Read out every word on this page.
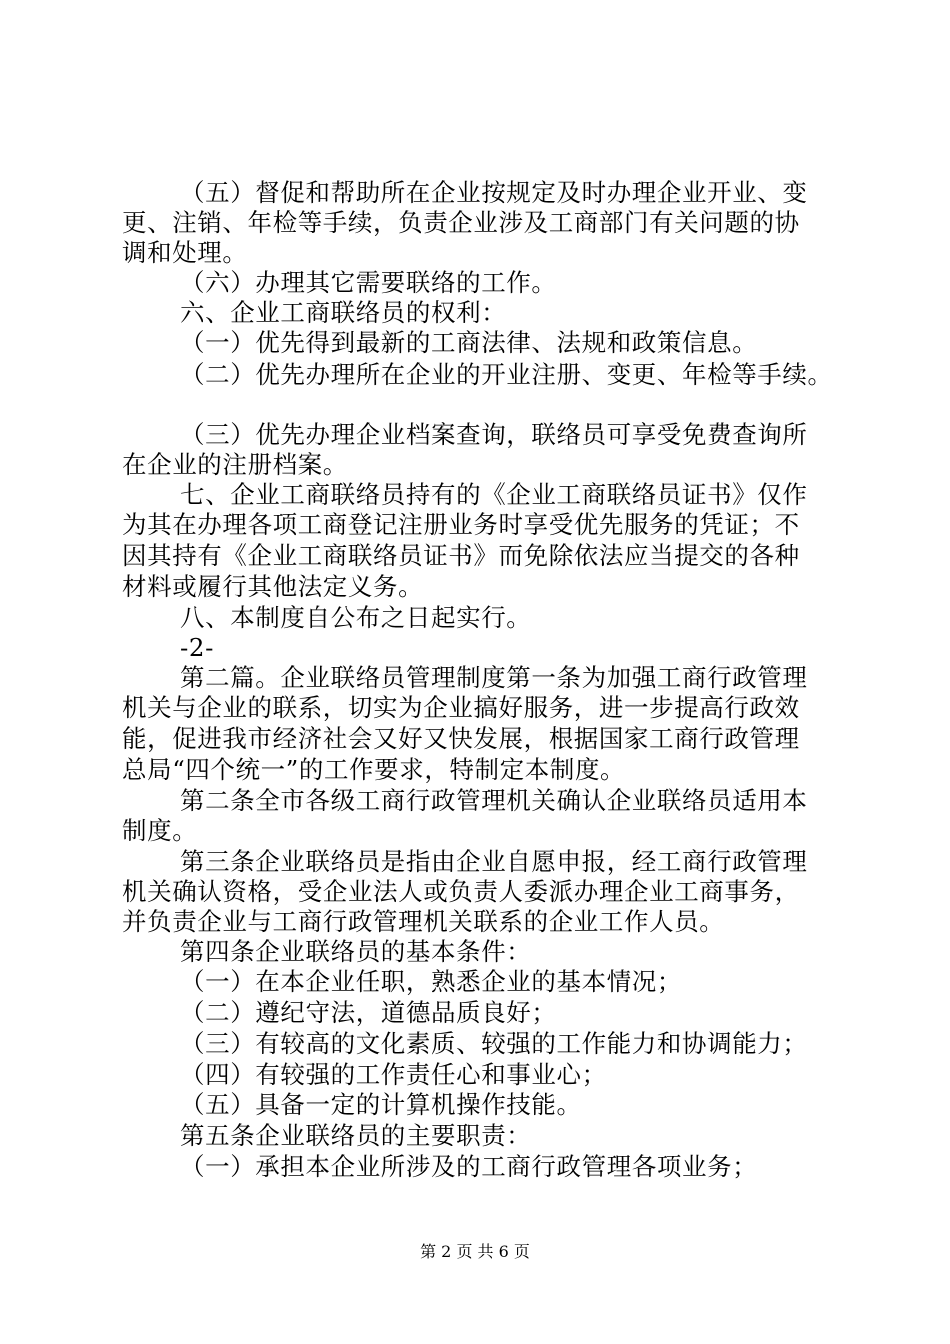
（五）督促和帮助所在企业按规定及时办理企业开业、变
更、注销、年检等手续，负责企业涉及工商部门有关问题的协
调和处理。
（六）办理其它需要联络的工作。
六、企业工商联络员的权利：
（一）优先得到最新的工商法律、法规和政策信息。
（二）优先办理所在企业的开业注册、变更、年检等手续。
（三）优先办理企业档案查询，联络员可享受免费查询所
在企业的注册档案。
七、企业工商联络员持有的《企业工商联络员证书》仅作
为其在办理各项工商登记注册业务时享受优先服务的凭证；不
因其持有《企业工商联络员证书》而免除依法应当提交的各种
材料或履行其他法定义务。
八、本制度自公布之日起实行。
-2-
第二篇。企业联络员管理制度第一条为加强工商行政管理
机关与企业的联系，切实为企业搞好服务，进一步提高行政效
能，促进我市经济社会又好又快发展，根据国家工商行政管理
总局“四个统一”的工作要求，特制定本制度。
第二条全市各级工商行政管理机关确认企业联络员适用本
制度。
第三条企业联络员是指由企业自愿申报，经工商行政管理
机关确认资格，受企业法人或负责人委派办理企业工商事务，
并负责企业与工商行政管理机关联系的企业工作人员。
第四条企业联络员的基本条件：
（一）在本企业任职，熟悉企业的基本情况；
（二）遵纪守法，道德品质良好；
（三）有较高的文化素质、较强的工作能力和协调能力；
（四）有较强的工作责任心和事业心；
（五）具备一定的计算机操作技能。
第五条企业联络员的主要职责：
（一）承担本企业所涉及的工商行政管理各项业务；
第 2 页 共 6 页
